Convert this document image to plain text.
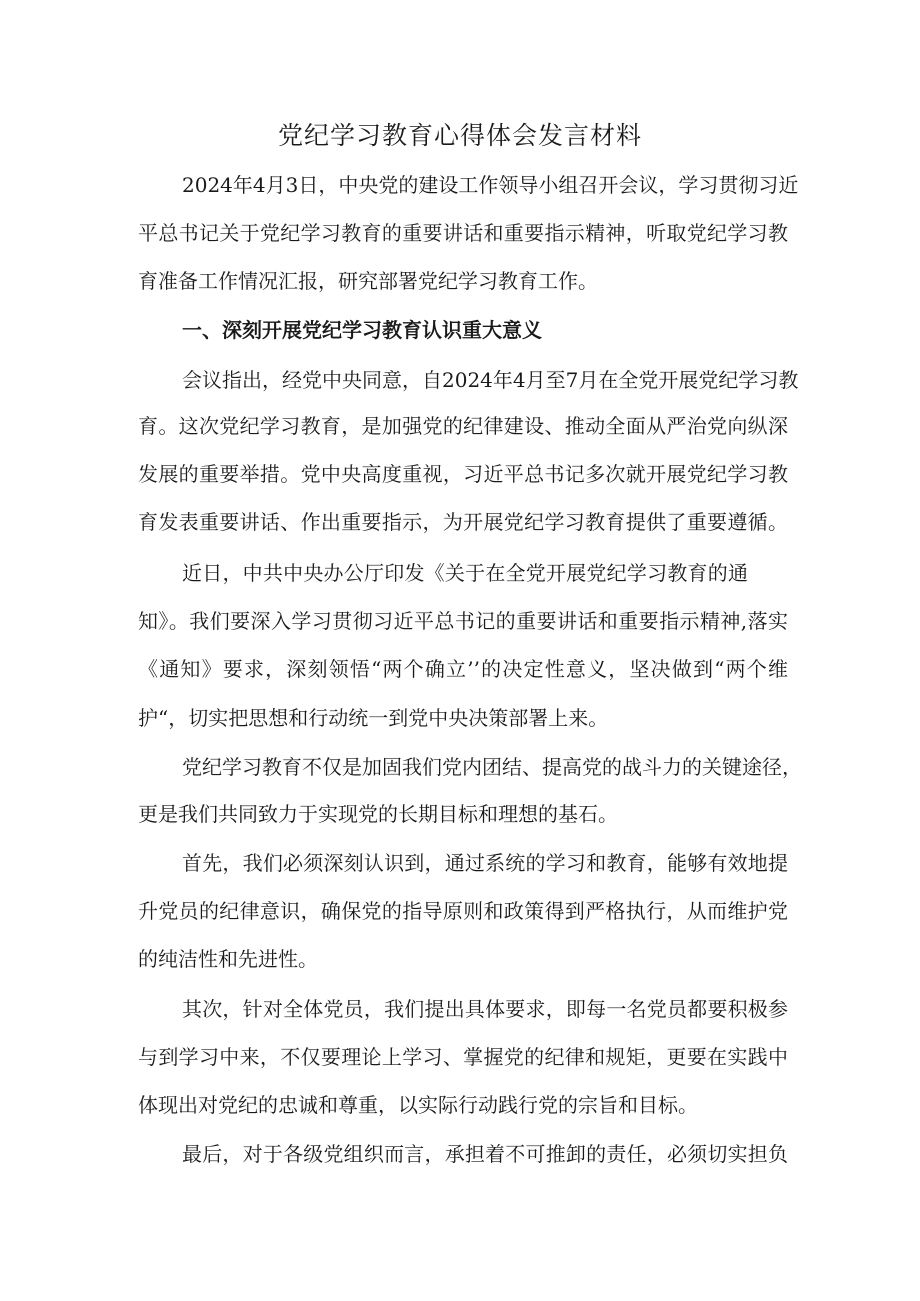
党纪学习教育心得体会发言材料
2024年4月3日，中央党的建设工作领导小组召开会议，学习贯彻习近
平总书记关于党纪学习教育的重要讲话和重要指示精神，听取党纪学习教
育准备工作情况汇报，研究部署党纪学习教育工作。
一、深刻开展党纪学习教育认识重大意义
会议指出，经党中央同意，自2024年4月至7月在全党开展党纪学习教
育。这次党纪学习教育，是加强党的纪律建设、推动全面从严治党向纵深
发展的重要举措。党中央高度重视，习近平总书记多次就开展党纪学习教
育发表重要讲话、作出重要指示，为开展党纪学习教育提供了重要遵循。
近日，中共中央办公厅印发《关于在全党开展党纪学习教育的通
知》。我们要深入学习贯彻习近平总书记的重要讲话和重要指示精神,落实
《通知》要求，深刻领悟“两个确立’’的决定性意义，坚决做到“两个维
护“，切实把思想和行动统一到党中央决策部署上来。
党纪学习教育不仅是加固我们党内团结、提高党的战斗力的关键途径，
更是我们共同致力于实现党的长期目标和理想的基石。
首先，我们必须深刻认识到，通过系统的学习和教育，能够有效地提
升党员的纪律意识，确保党的指导原则和政策得到严格执行，从而维护党
的纯洁性和先进性。
其次，针对全体党员，我们提出具体要求，即每一名党员都要积极参
与到学习中来，不仅要理论上学习、掌握党的纪律和规矩，更要在实践中
体现出对党纪的忠诚和尊重，以实际行动践行党的宗旨和目标。
最后，对于各级党组织而言，承担着不可推卸的责任，必须切实担负
